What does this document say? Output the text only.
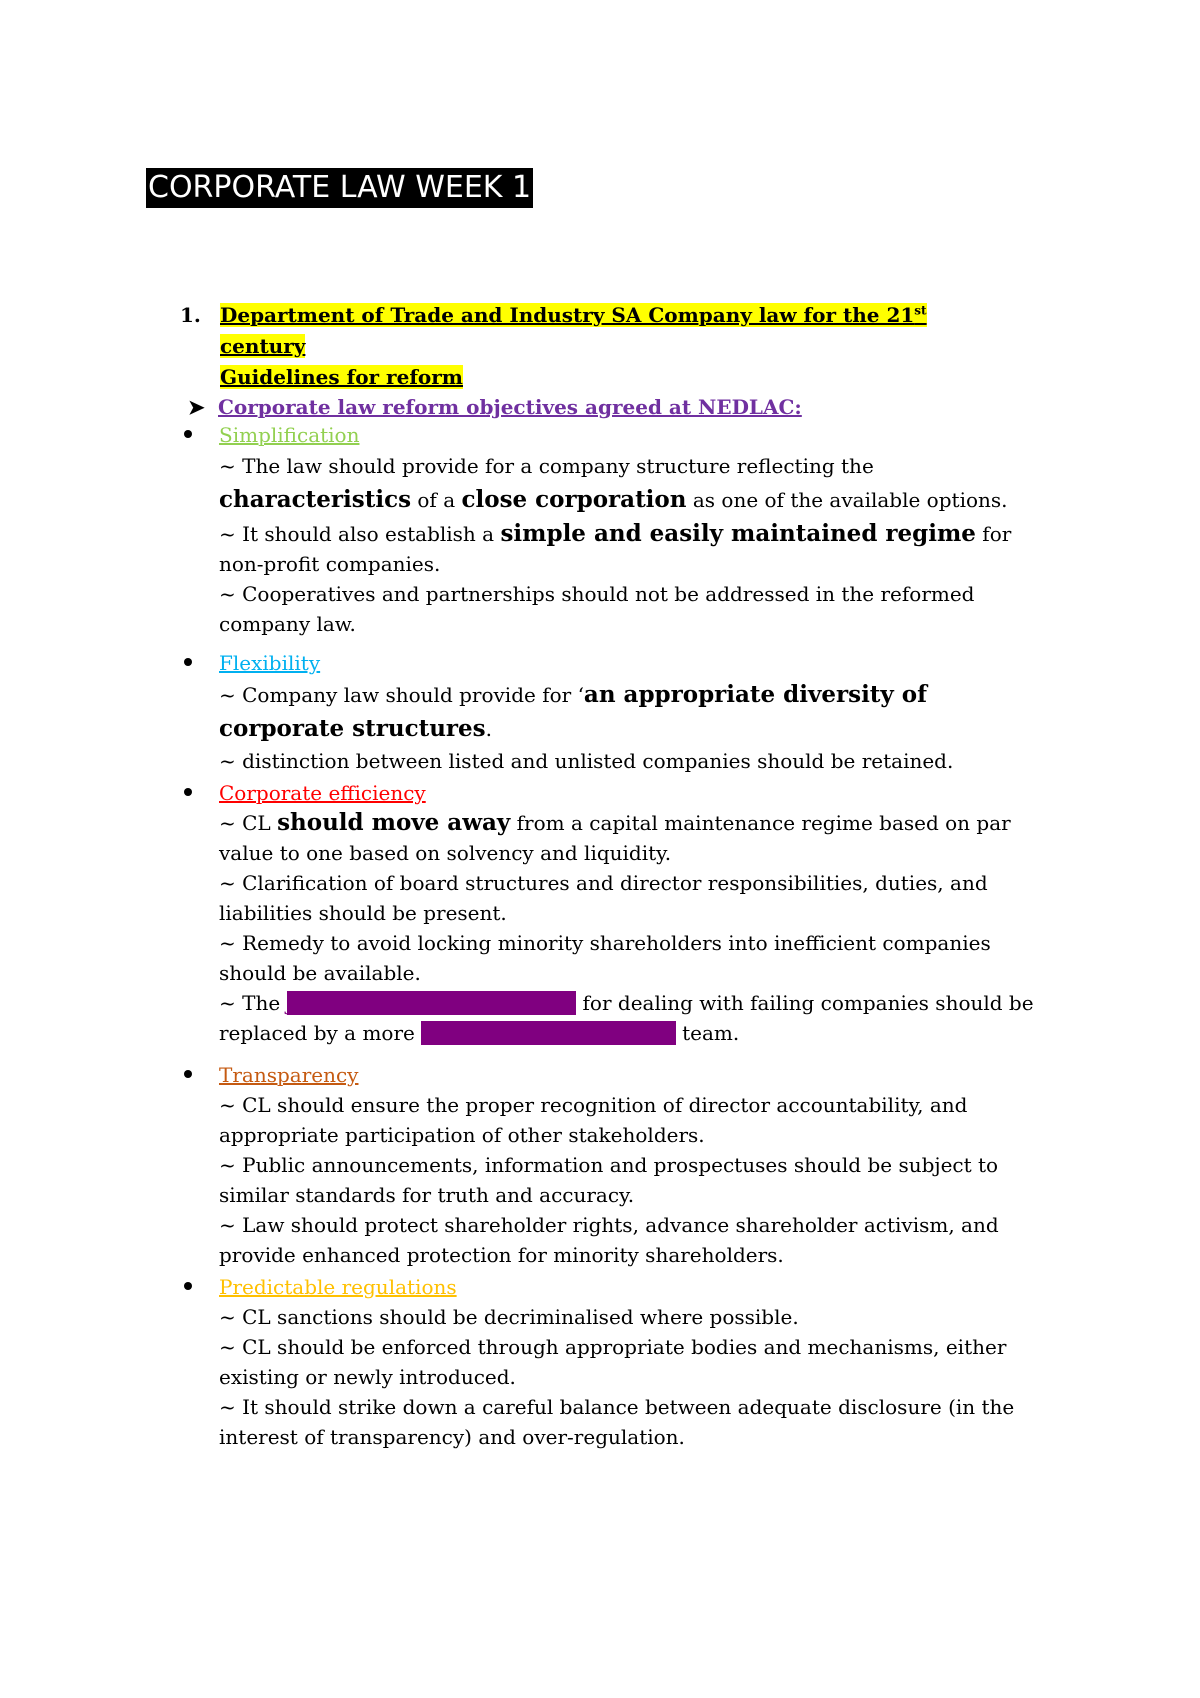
CORPORATE LAW WEEK 1
1. Department of Trade and Industry SA Company law for the 21st century
Guidelines for reform
➤ Corporate law reform objectives agreed at NEDLAC:
Simplification
~ The law should provide for a company structure reflecting the characteristics of a close corporation as one of the available options.
~ It should also establish a simple and easily maintained regime for non-profit companies.
~ Cooperatives and partnerships should not be addressed in the reformed company law.
Flexibility
~ Company law should provide for ‘an appropriate diversity of corporate structures.
~ distinction between listed and unlisted companies should be retained.
Corporate efficiency
~ CL should move away from a capital maintenance regime based on par value to one based on solvency and liquidity.
~ Clarification of board structures and director responsibilities, duties, and liabilities should be present.
~ Remedy to avoid locking minority shareholders into inefficient companies should be available.
~ The judicial management system for dealing with failing companies should be replaced by a more effective business rescue team.
Transparency
~ CL should ensure the proper recognition of director accountability, and appropriate participation of other stakeholders.
~ Public announcements, information and prospectuses should be subject to similar standards for truth and accuracy.
~ Law should protect shareholder rights, advance shareholder activism, and provide enhanced protection for minority shareholders.
Predictable regulations
~ CL sanctions should be decriminalised where possible.
~ CL should be enforced through appropriate bodies and mechanisms, either existing or newly introduced.
~ It should strike down a careful balance between adequate disclosure (in the interest of transparency) and over-regulation.
